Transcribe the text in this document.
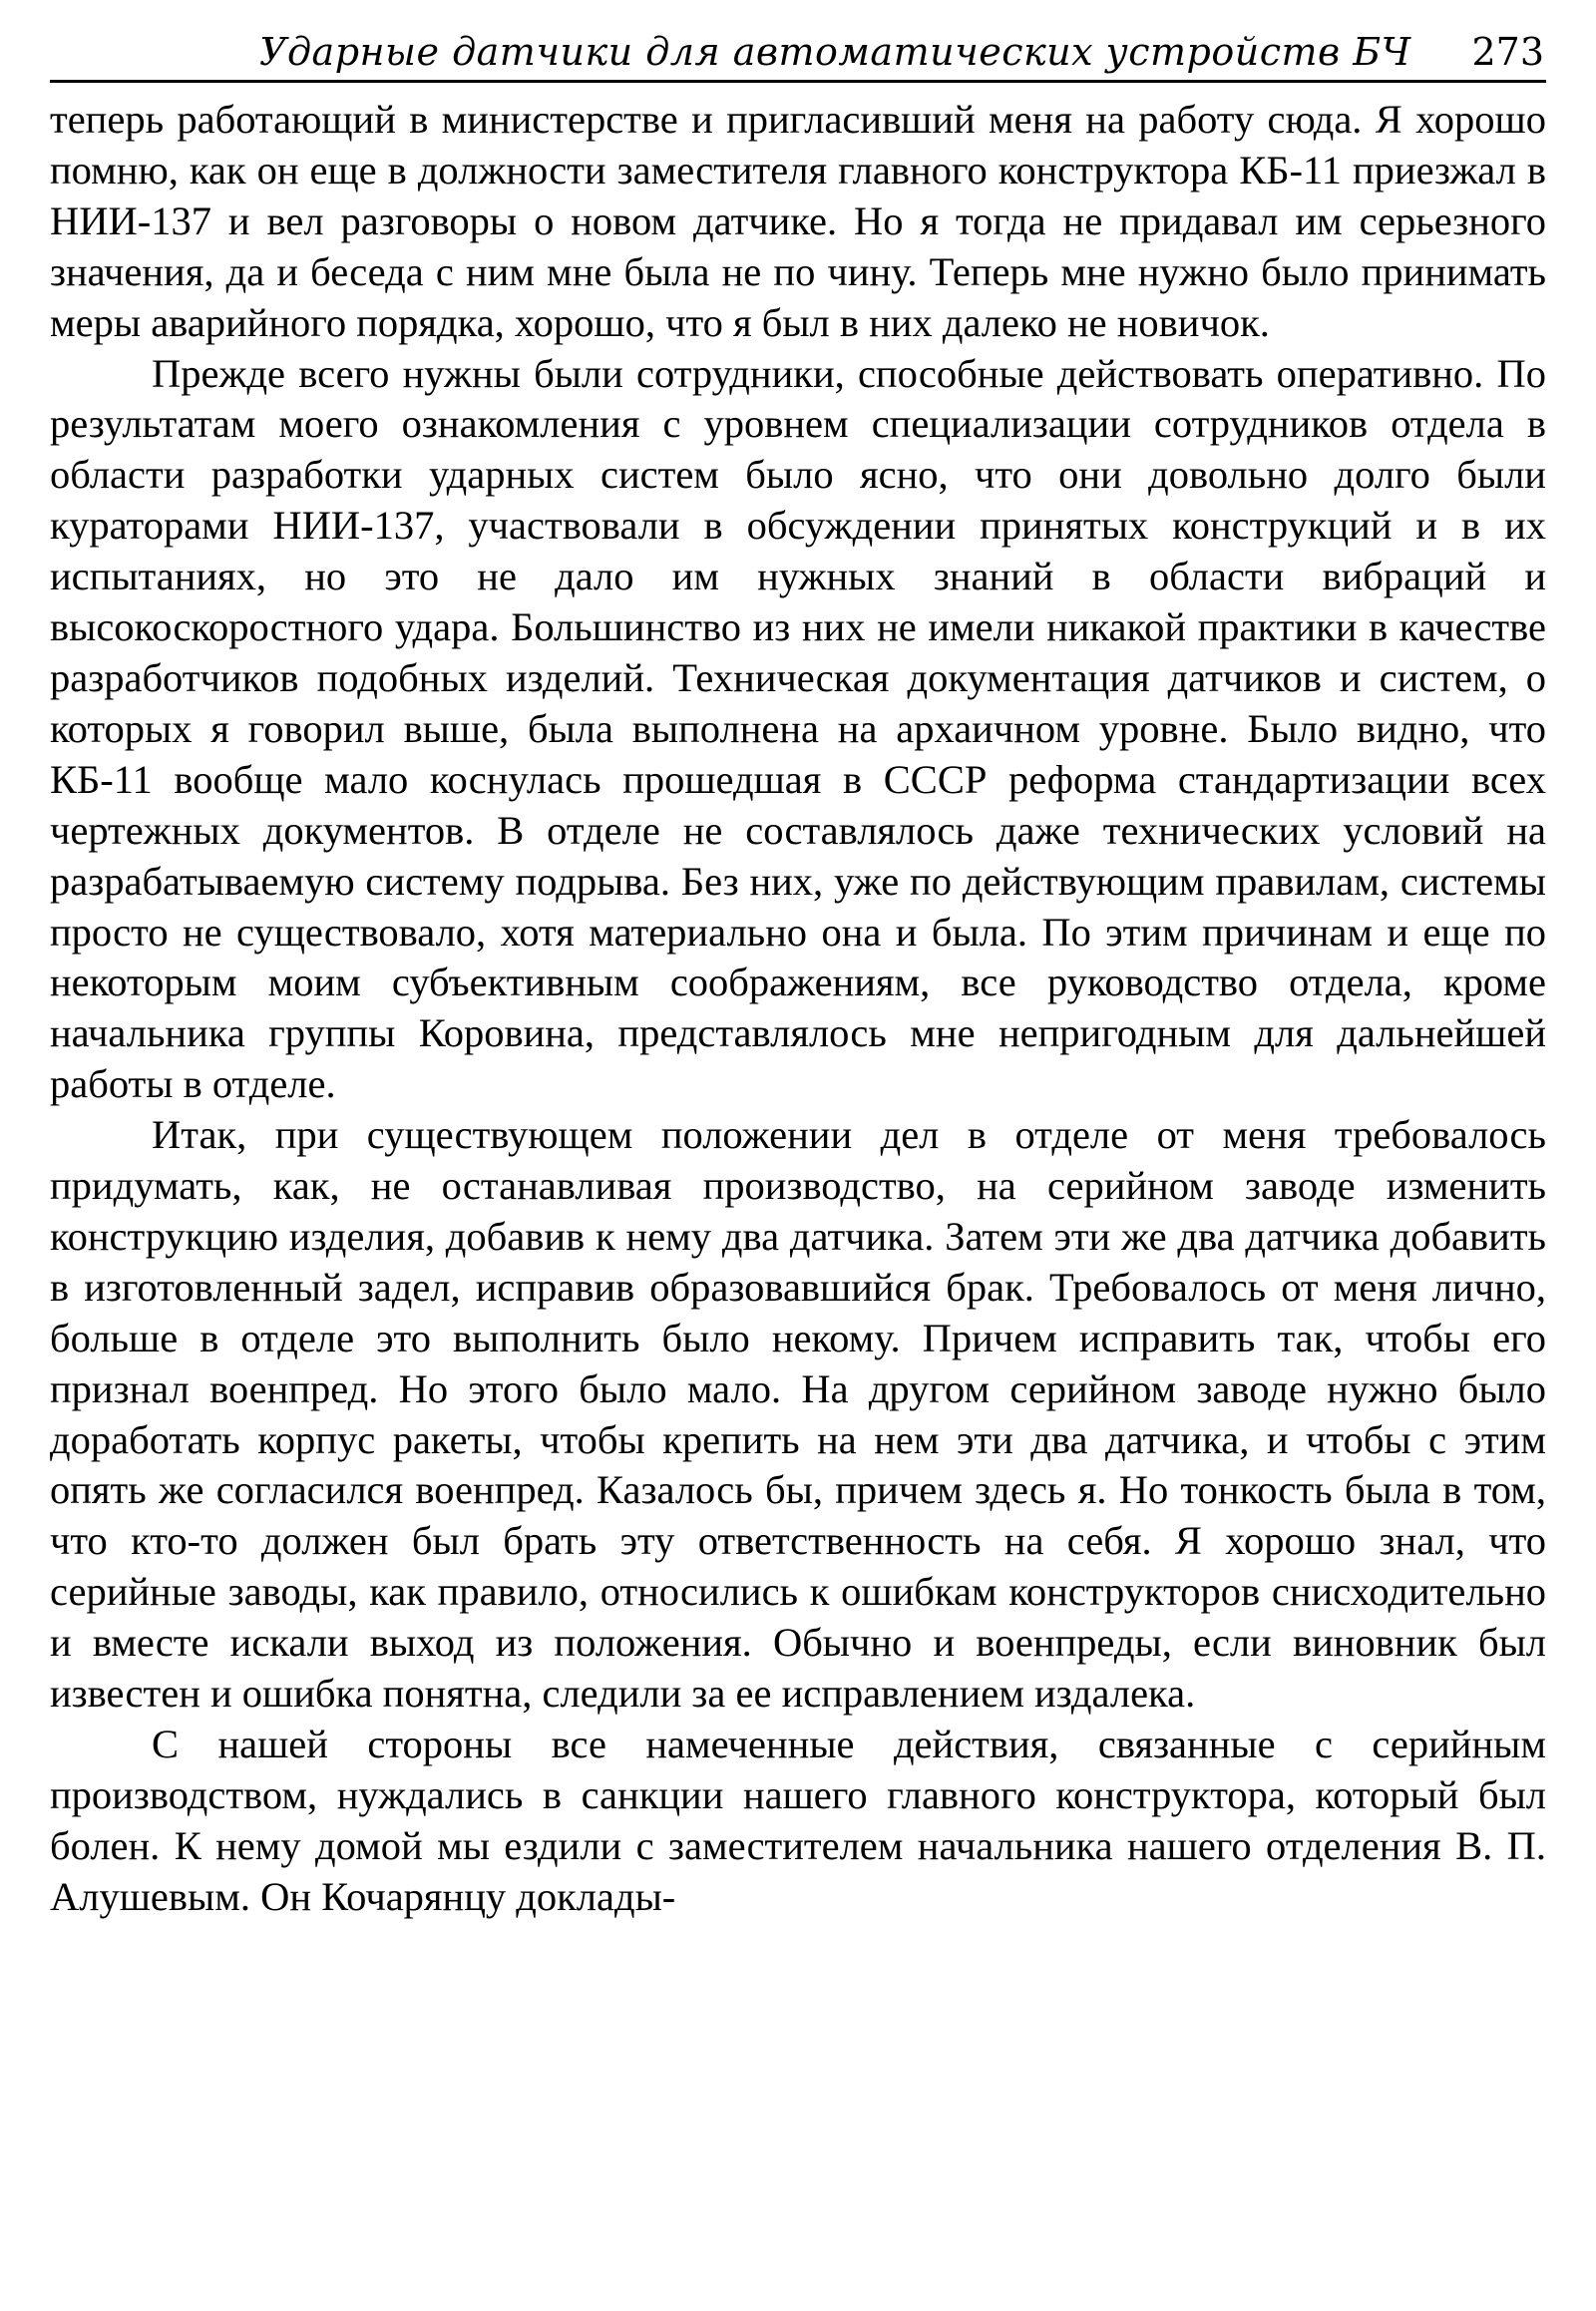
Ударные датчики для автоматических устройств БЧ 273

теперь работающий в министерстве и пригласивший меня на работу сюда. Я хорошо помню, как он еще в должности заместителя главного конструктора КБ-11 приезжал в НИИ-137 и вел разговоры о новом датчике. Но я тогда не придавал им серьезного значения, да и беседа с ним мне была не по чину. Теперь мне нужно было принимать меры аварийного порядка, хорошо, что я был в них далеко не новичок.

Прежде всего нужны были сотрудники, способные действовать оперативно. По результатам моего ознакомления с уровнем специализации сотрудников отдела в области разработки ударных систем было ясно, что они довольно долго были кураторами НИИ-137, участвовали в обсуждении принятых конструкций и в их испытаниях, но это не дало им нужных знаний в области вибраций и высокоскоростного удара. Большинство из них не имели никакой практики в качестве разработчиков подобных изделий. Техническая документация датчиков и систем, о которых я говорил выше, была выполнена на архаичном уровне. Было видно, что КБ-11 вообще мало коснулась прошедшая в СССР реформа стандартизации всех чертежных документов. В отделе не составлялось даже технических условий на разрабатываемую систему подрыва. Без них, уже по действующим правилам, системы просто не существовало, хотя материально она и была. По этим причинам и еще по некоторым моим субъективным соображениям, все руководство отдела, кроме начальника группы Коровина, представлялось мне непригодным для дальнейшей работы в отделе.

Итак, при существующем положении дел в отделе от меня требовалось придумать, как, не останавливая производство, на серийном заводе изменить конструкцию изделия, добавив к нему два датчика. Затем эти же два датчика добавить в изготовленный задел, исправив образовавшийся брак. Требовалось от меня лично, больше в отделе это выполнить было некому. Причем исправить так, чтобы его признал военпред. Но этого было мало. На другом серийном заводе нужно было доработать корпус ракеты, чтобы крепить на нем эти два датчика, и чтобы с этим опять же согласился военпред. Казалось бы, причем здесь я. Но тонкость была в том, что кто-то должен был брать эту ответственность на себя. Я хорошо знал, что серийные заводы, как правило, относились к ошибкам конструкторов снисходительно и вместе искали выход из положения. Обычно и военпреды, если виновник был известен и ошибка понятна, следили за ее исправлением издалека.

С нашей стороны все намеченные действия, связанные с серийным производством, нуждались в санкции нашего главного конструктора, который был болен. К нему домой мы ездили с заместителем начальника нашего отделения В. П. Алушевым. Он Кочарянцу доклады-
